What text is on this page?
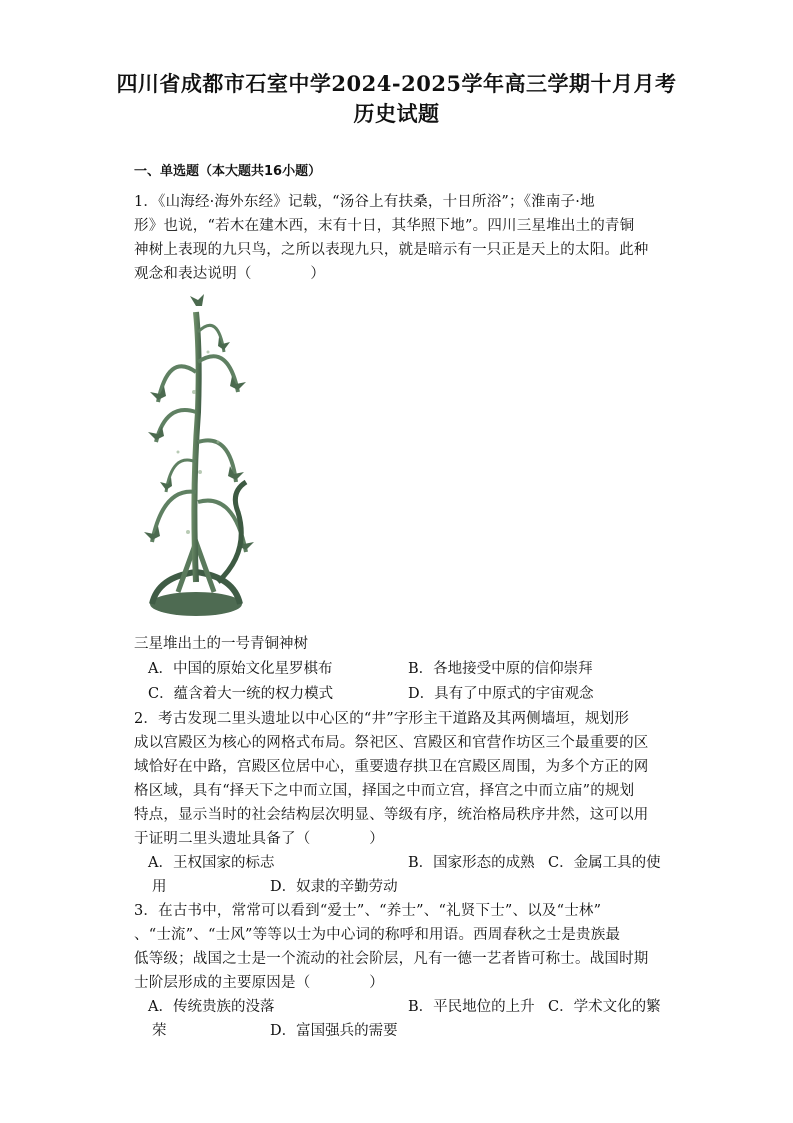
四川省成都市石室中学2024-2025学年高三学期十月月考
历史试题
一、单选题（本大题共16小题）
1．《山海经·海外东经》记载，“汤谷上有扶桑，十日所浴”；《淮南子·地
形》也说，“若木在建木西，末有十日，其华照下地”。四川三星堆出土的青铜
神树上表现的九只鸟，之所以表现九只，就是暗示有一只正是天上的太阳。此种
观念和表达说明（　　　　）
三星堆出土的一号青铜神树
A．中国的原始文化星罗棋布	B．各地接受中原的信仰崇拜
C．蕴含着大一统的权力模式	D．具有了中原式的宇宙观念
2．考古发现二里头遗址以中心区的“井”字形主干道路及其两侧墙垣，规划形
成以宫殿区为核心的网格式布局。祭祀区、宫殿区和官营作坊区三个最重要的区
域恰好在中路，宫殿区位居中心，重要遗存拱卫在宫殿区周围，为多个方正的网
格区域，具有“择天下之中而立国，择国之中而立宫，择宫之中而立庙”的规划
特点，显示当时的社会结构层次明显、等级有序，统治格局秩序井然，这可以用
于证明二里头遗址具备了（　　　　）
A．王权国家的标志	B．国家形态的成熟 C．金属工具的使
用	D．奴隶的辛勤劳动
3．在古书中，常常可以看到“爱士”、“养士”、“礼贤下士”、以及“士林”
、“士流”、“士风”等等以士为中心词的称呼和用语。西周春秋之士是贵族最
低等级；战国之士是一个流动的社会阶层，凡有一德一艺者皆可称士。战国时期
士阶层形成的主要原因是（　　　　）
A．传统贵族的没落	B．平民地位的上升 C．学术文化的繁
荣	D．富国强兵的需要
